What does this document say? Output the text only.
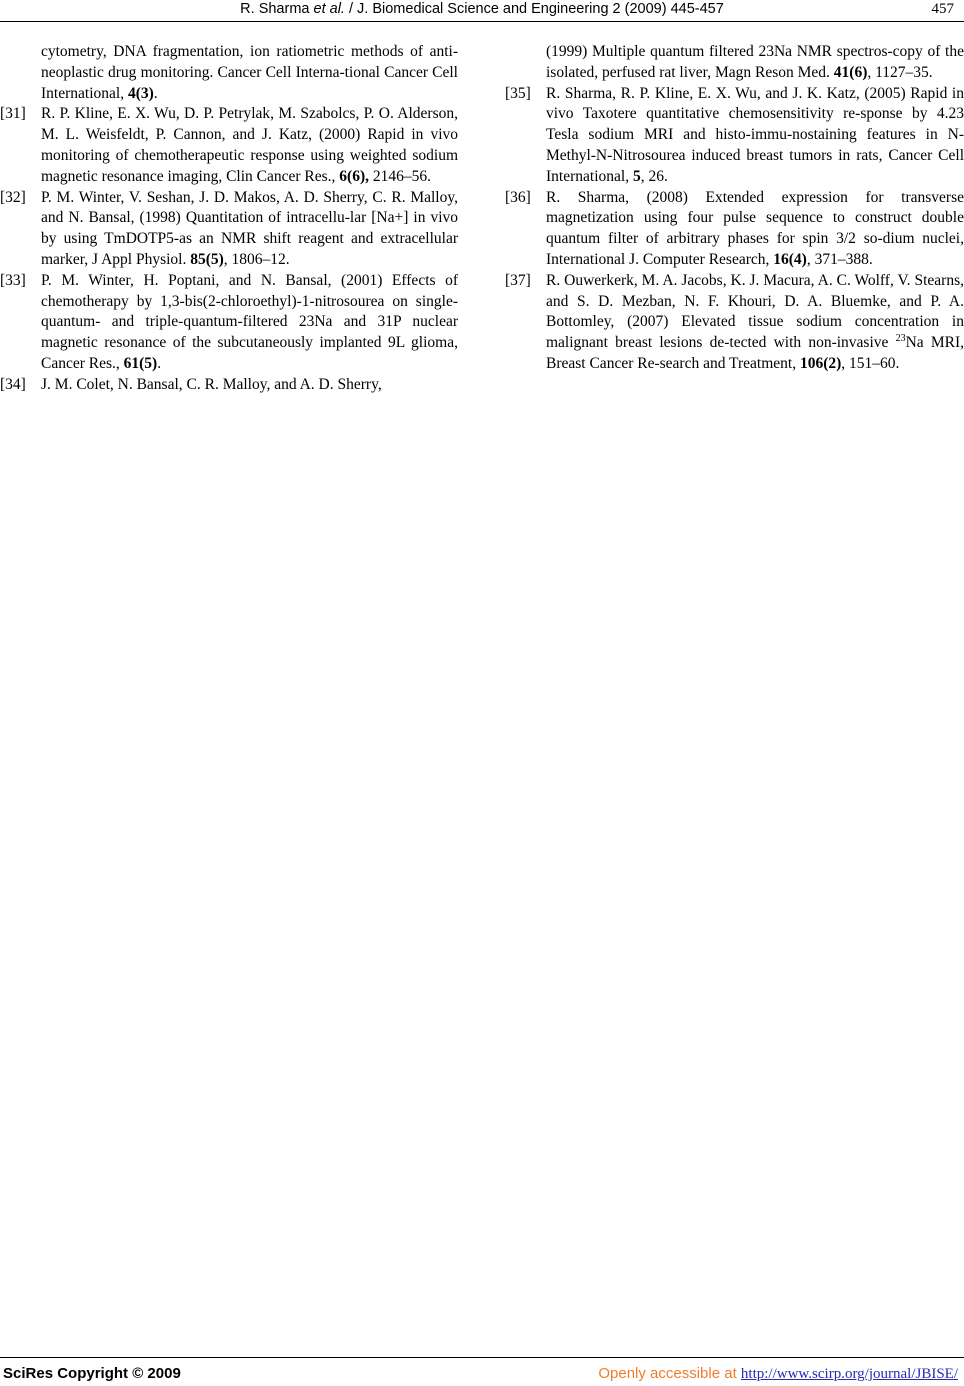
R. Sharma et al. / J. Biomedical Science and Engineering 2 (2009) 445-457	457
cytometry, DNA fragmentation, ion ratiometric methods of anti-neoplastic drug monitoring. Cancer Cell Interna-tional Cancer Cell International, 4(3).
[31] R. P. Kline, E. X. Wu, D. P. Petrylak, M. Szabolcs, P. O. Alderson, M. L. Weisfeldt, P. Cannon, and J. Katz, (2000) Rapid in vivo monitoring of chemotherapeutic response using weighted sodium magnetic resonance imaging, Clin Cancer Res., 6(6), 2146–56.
[32] P. M. Winter, V. Seshan, J. D. Makos, A. D. Sherry, C. R. Malloy, and N. Bansal, (1998) Quantitation of intracellu-lar [Na+] in vivo by using TmDOTP5-as an NMR shift reagent and extracellular marker, J Appl Physiol. 85(5), 1806–12.
[33] P. M. Winter, H. Poptani, and N. Bansal, (2001) Effects of chemotherapy by 1,3-bis(2-chloroethyl)-1-nitrosourea on single-quantum- and triple-quantum-filtered 23Na and 31P nuclear magnetic resonance of the subcutaneously implanted 9L glioma, Cancer Res., 61(5).
[34] J. M. Colet, N. Bansal, C. R. Malloy, and A. D. Sherry,
(1999) Multiple quantum filtered 23Na NMR spectros-copy of the isolated, perfused rat liver, Magn Reson Med. 41(6), 1127–35.
[35] R. Sharma, R. P. Kline, E. X. Wu, and J. K. Katz, (2005) Rapid in vivo Taxotere quantitative chemosensitivity re-sponse by 4.23 Tesla sodium MRI and histo-immu-nostaining features in N-Methyl-N-Nitrosourea induced breast tumors in rats, Cancer Cell International, 5, 26.
[36] R. Sharma, (2008) Extended expression for transverse magnetization using four pulse sequence to construct double quantum filter of arbitrary phases for spin 3/2 so-dium nuclei, International J. Computer Research, 16(4), 371–388.
[37] R. Ouwerkerk, M. A. Jacobs, K. J. Macura, A. C. Wolff, V. Stearns, and S. D. Mezban, N. F. Khouri, D. A. Bluemke, and P. A. Bottomley, (2007) Elevated tissue sodium concentration in malignant breast lesions de-tected with non-invasive $^{23}$Na MRI, Breast Cancer Re-search and Treatment, 106(2), 151–60.
SciRes Copyright © 2009	Openly accessible at http://www.scirp.org/journal/JBISE/
